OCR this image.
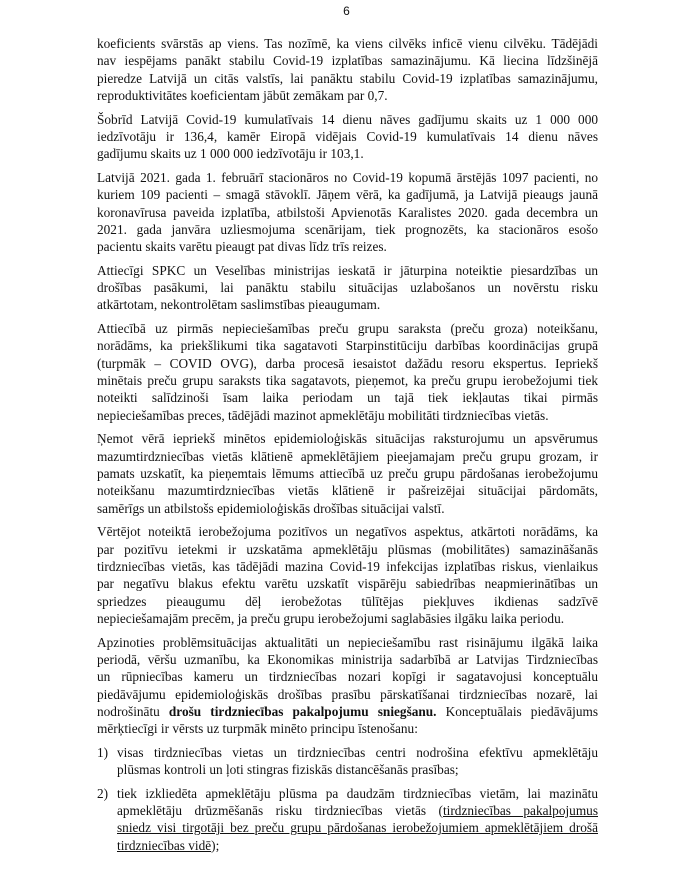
6
koeficients svārstās ap viens. Tas nozīmē, ka viens cilvēks inficē vienu cilvēku. Tādējādi
nav iespējams panākt stabilu Covid-19 izplatības samazinājumu. Kā liecina līdzšinējā
pieredze Latvijā un citās valstīs, lai panāktu stabilu Covid-19 izplatības samazinājumu,
reproduktivitātes koeficientam jābūt zemākam par 0,7.
Šobrīd Latvijā Covid-19 kumulatīvais 14 dienu nāves gadījumu skaits uz 1 000 000
iedzīvotāju ir 136,4, kamēr Eiropā vidējais Covid-19 kumulatīvais 14 dienu nāves
gadījumu skaits uz 1 000 000 iedzīvotāju ir 103,1.
Latvijā 2021. gada 1. februārī stacionāros no Covid-19 kopumā ārstējās 1097 pacienti, no
kuriem 109 pacienti – smagā stāvoklī. Jāņem vērā, ka gadījumā, ja Latvijā pieaugs jaunā
koronavīrusa paveida izplatība, atbilstoši Apvienotās Karalistes 2020. gada decembra un
2021. gada janvāra uzliesmojuma scenārijam, tiek prognozēts, ka stacionāros esošo
pacientu skaits varētu pieaugt pat divas līdz trīs reizes.
Attiecīgi SPKC un Veselības ministrijas ieskatā ir jāturpina noteiktie piesardzības un
drošības pasākumi, lai panāktu stabilu situācijas uzlabošanos un novērstu risku
atkārtotam, nekontrolētam saslimstības pieaugumam.
Attiecībā uz pirmās nepieciešamības preču grupu saraksta (preču groza) noteikšanu,
norādāms, ka priekšlikumi tika sagatavoti Starpinstitūciju darbības koordinācijas grupā
(turpmāk – COVID OVG), darba procesā iesaistot dažādu resoru ekspertus. Iepriekš
minētais preču grupu saraksts tika sagatavots, pieņemot, ka preču grupu ierobežojumi tiek
noteikti salīdzinoši īsam laika periodam un tajā tiek iekļautas tikai pirmās
nepieciešamības preces, tādējādi mazinot apmeklētāju mobilitāti tirdzniecības vietās.
Ņemot vērā iepriekš minētos epidemioloģiskās situācijas raksturojumu un apsvērumus
mazumtirdzniecības vietās klātienē apmeklētājiem pieejamajam preču grupu grozam, ir
pamats uzskatīt, ka pieņemtais lēmums attiecībā uz preču grupu pārdošanas ierobežojumu
noteikšanu mazumtirdzniecības vietās klātienē ir pašreizējai situācijai pārdomāts,
samērīgs un atbilstošs epidemioloģiskās drošības situācijai valstī.
Vērtējot noteiktā ierobežojuma pozitīvos un negatīvos aspektus, atkārtoti norādāms, ka
par pozitīvu ietekmi ir uzskatāma apmeklētāju plūsmas (mobilitātes) samazināšanās
tirdzniecības vietās, kas tādējādi mazina Covid-19 infekcijas izplatības riskus, vienlaikus
par negatīvu blakus efektu varētu uzskatīt vispārēju sabiedrības neapmierinātības un
spriedzes pieaugumu dēļ ierobežotas tūlītējas piekļuves ikdienas sadzīvē
nepieciešamajām precēm, ja preču grupu ierobežojumi saglabāsies ilgāku laika periodu.
Apzinoties problēmsituācijas aktualitāti un nepieciešamību rast risinājumu ilgākā laika
periodā, vēršu uzmanību, ka Ekonomikas ministrija sadarbībā ar Latvijas Tirdzniecības
un rūpniecības kameru un tirdzniecības nozari kopīgi ir sagatavojusi konceptuālu
piedāvājumu epidemioloģiskās drošības prasību pārskatīšanai tirdzniecības nozarē, lai
nodrošinātu drošu tirdzniecības pakalpojumu sniegšanu. Konceptuālais piedāvājums
mērķtiecīgi ir vērsts uz turpmāk minēto principu īstenošanu:
1) visas tirdzniecības vietas un tirdzniecības centri nodrošina efektīvu apmeklētāju
plūsmas kontroli un ļoti stingras fiziskās distancēšanās prasības;
2) tiek izkliedēta apmeklētāju plūsma pa daudzām tirdzniecības vietām, lai mazinātu
apmeklētāju drūzmēšanās risku tirdzniecības vietās (tirdzniecības pakalpojumus
sniedz visi tirgotāji bez preču grupu pārdošanas ierobežojumiem apmeklētājiem drošā
tirdzniecības vidē);
